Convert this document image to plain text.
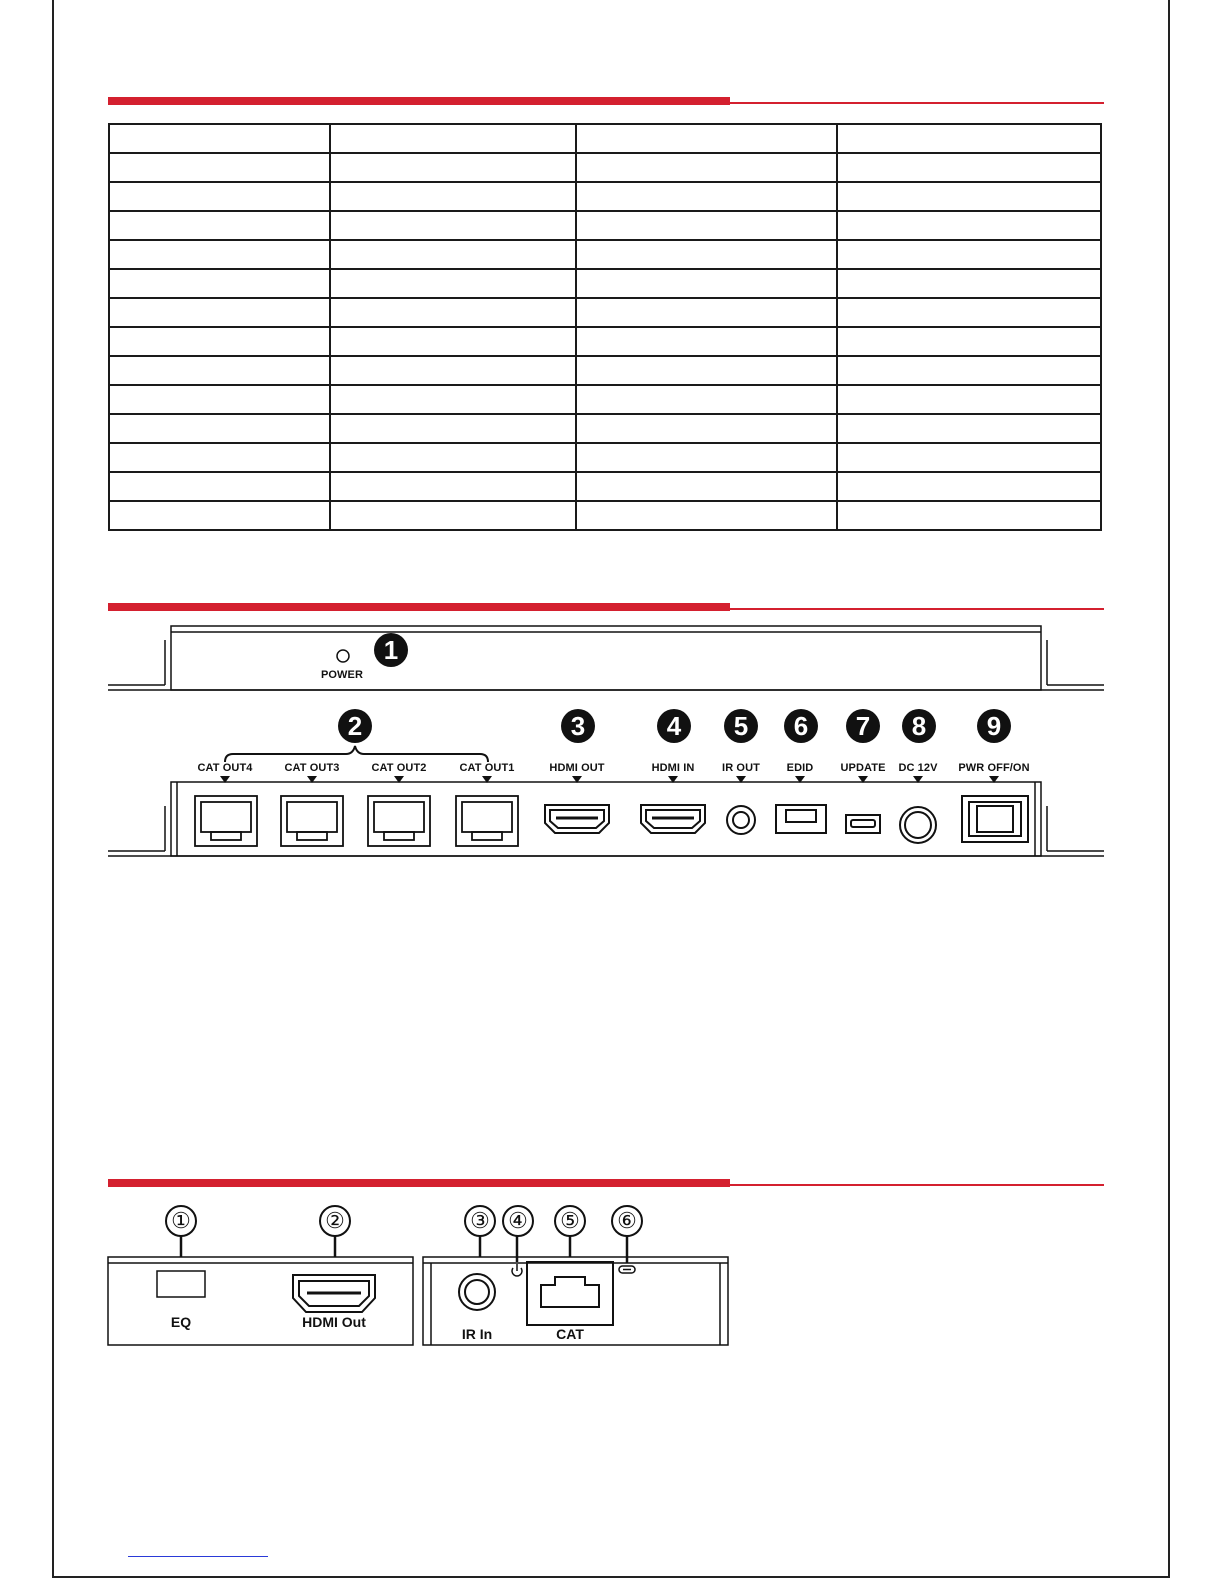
POWER
1
2	3	4	5	6	7	8	9
CAT OUT4	CAT OUT3	CAT OUT2	CAT OUT1	HDMI OUT	HDMI IN	IR OUT EDID UPDATE DC 12V PWR OFF/ON
①	②	③ ④ ⑤ ⑥
EQ	HDMI Out
IR In	CAT
